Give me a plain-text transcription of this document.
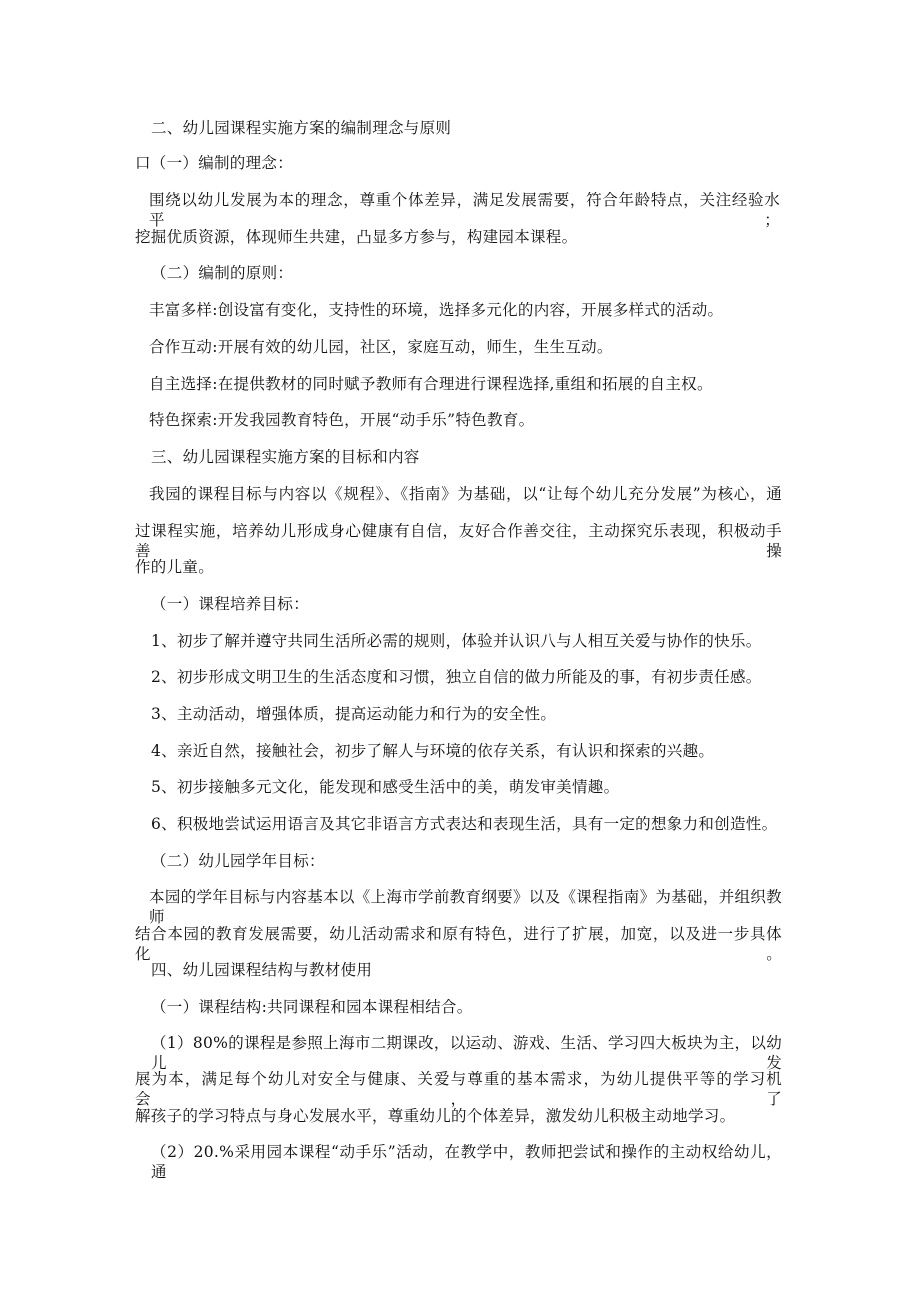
二、幼儿园课程实施方案的编制理念与原则
口（一）编制的理念：
围绕以幼儿发展为本的理念，尊重个体差异，满足发展需要，符合年龄特点，关注经验水平；
挖掘优质资源，体现师生共建，凸显多方参与，构建园本课程。
（二）编制的原则：
丰富多样:创设富有变化，支持性的环境，选择多元化的内容，开展多样式的活动。
合作互动:开展有效的幼儿园，社区，家庭互动，师生，生生互动。
自主选择:在提供教材的同时赋予教师有合理进行课程选择,重组和拓展的自主权。
特色探索:开发我园教育特色，开展“动手乐”特色教育。
三、幼儿园课程实施方案的目标和内容
我园的课程目标与内容以《规程》、《指南》为基础，以“让每个幼儿充分发展”为核心，通
过课程实施，培养幼儿形成身心健康有自信，友好合作善交往，主动探究乐表现，积极动手善操
作的儿童。
（一）课程培养目标：
1、初步了解并遵守共同生活所必需的规则，体验并认识八与人相互关爱与协作的快乐。
2、初步形成文明卫生的生活态度和习惯，独立自信的做力所能及的事，有初步责任感。
3、主动活动，增强体质，提高运动能力和行为的安全性。
4、亲近自然，接触社会，初步了解人与环境的依存关系，有认识和探索的兴趣。
5、初步接触多元文化，能发现和感受生活中的美，萌发审美情趣。
6、积极地尝试运用语言及其它非语言方式表达和表现生活，具有一定的想象力和创造性。
（二）幼儿园学年目标：
本园的学年目标与内容基本以《上海市学前教育纲要》以及《课程指南》为基础，并组织教师
结合本园的教育发展需要，幼儿活动需求和原有特色，进行了扩展，加宽，以及进一步具体化。
四、幼儿园课程结构与教材使用
（一）课程结构:共同课程和园本课程相结合。
（1）80%的课程是参照上海市二期课改，以运动、游戏、生活、学习四大板块为主，以幼儿发
展为本，满足每个幼儿对安全与健康、关爱与尊重的基本需求，为幼儿提供平等的学习机会，了
解孩子的学习特点与身心发展水平，尊重幼儿的个体差异，激发幼儿积极主动地学习。
（2）20.%采用园本课程“动手乐”活动，在教学中，教师把尝试和操作的主动权给幼儿，通
